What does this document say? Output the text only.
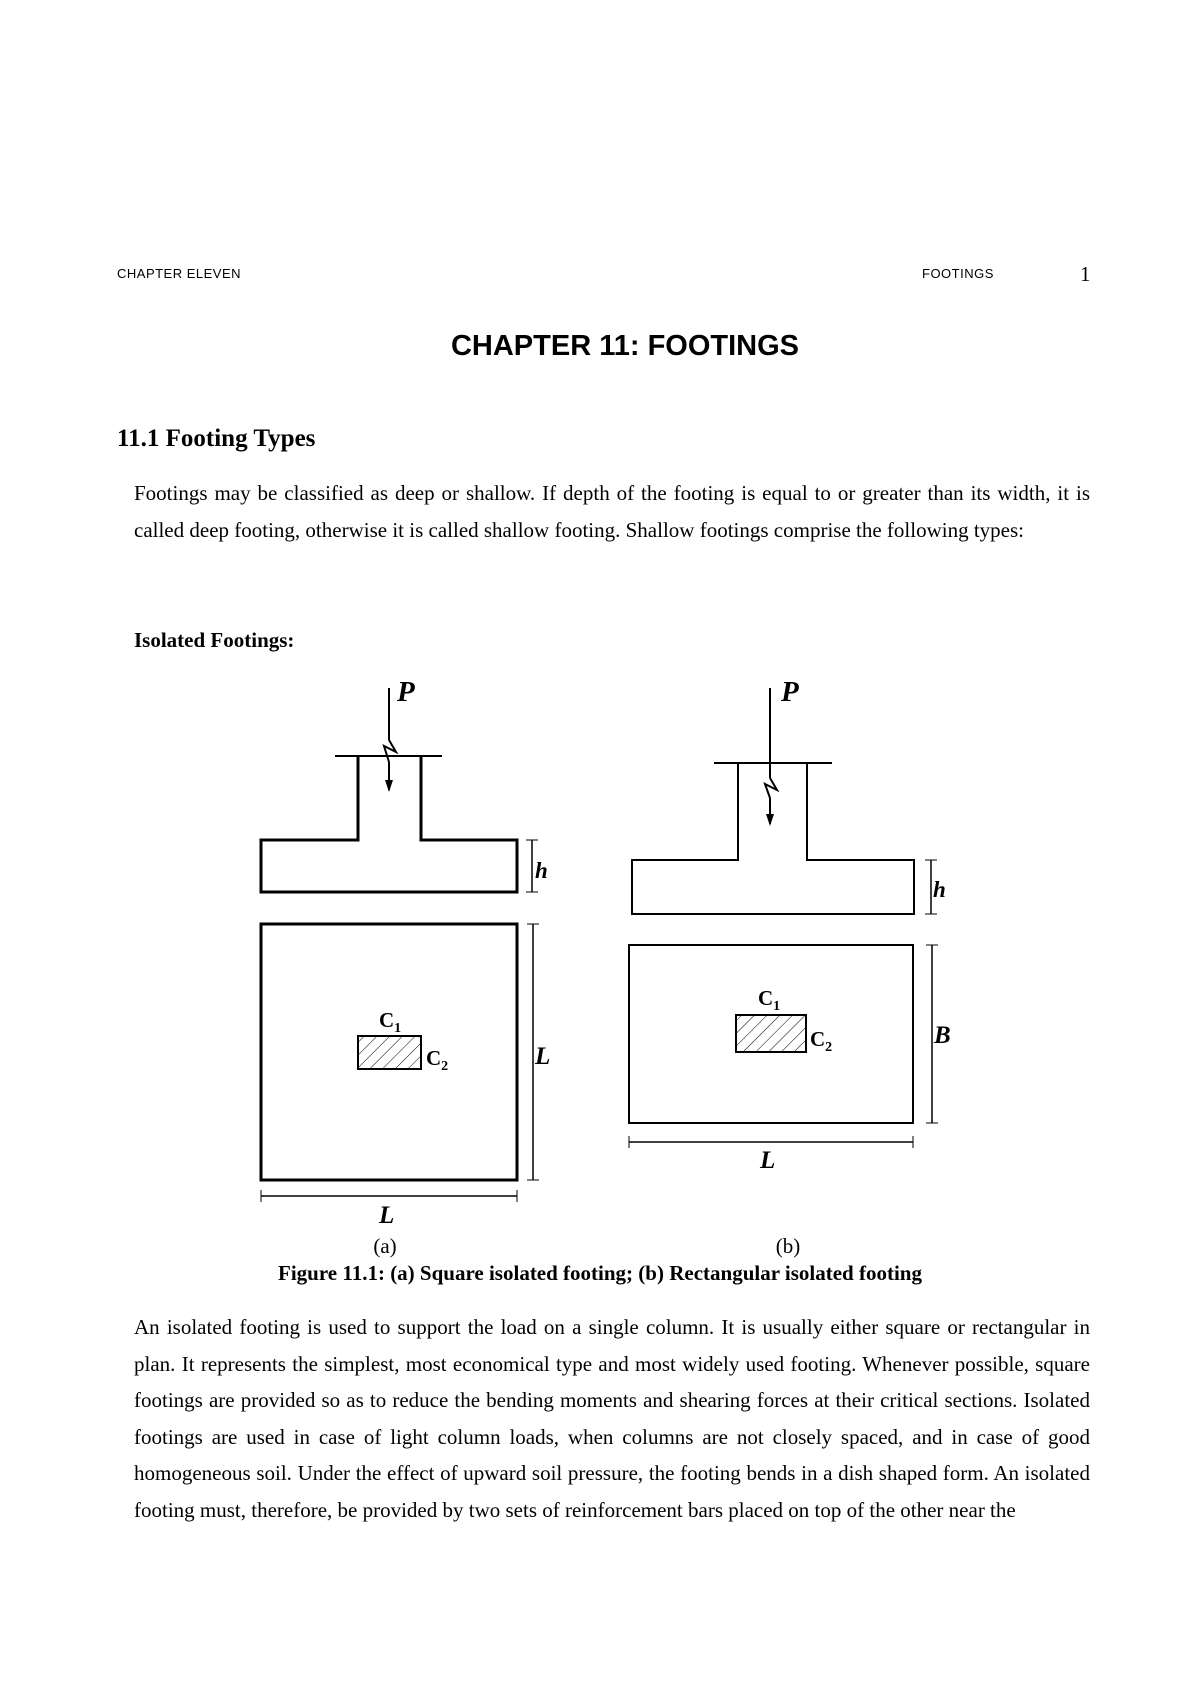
CHAPTER ELEVEN	FOOTINGS	1
CHAPTER 11: FOOTINGS
11.1 Footing Types
Footings may be classified as deep or shallow. If depth of the footing is equal to or greater than its width, it is called deep footing, otherwise it is called shallow footing. Shallow footings comprise the following types:
Isolated Footings:
P
h
$C_1$
$C_2$	L
L
(a)
P
h
$C_1$
$C_2$	B
L
(b)
Figure 11.1: (a) Square isolated footing; (b) Rectangular isolated footing
An isolated footing is used to support the load on a single column. It is usually either square or rectangular in plan. It represents the simplest, most economical type and most widely used footing. Whenever possible, square footings are provided so as to reduce the bending moments and shearing forces at their critical sections. Isolated footings are used in case of light column loads, when columns are not closely spaced, and in case of good homogeneous soil. Under the effect of upward soil pressure, the footing bends in a dish shaped form. An isolated footing must, therefore, be provided by two sets of reinforcement bars placed on top of the other near the
